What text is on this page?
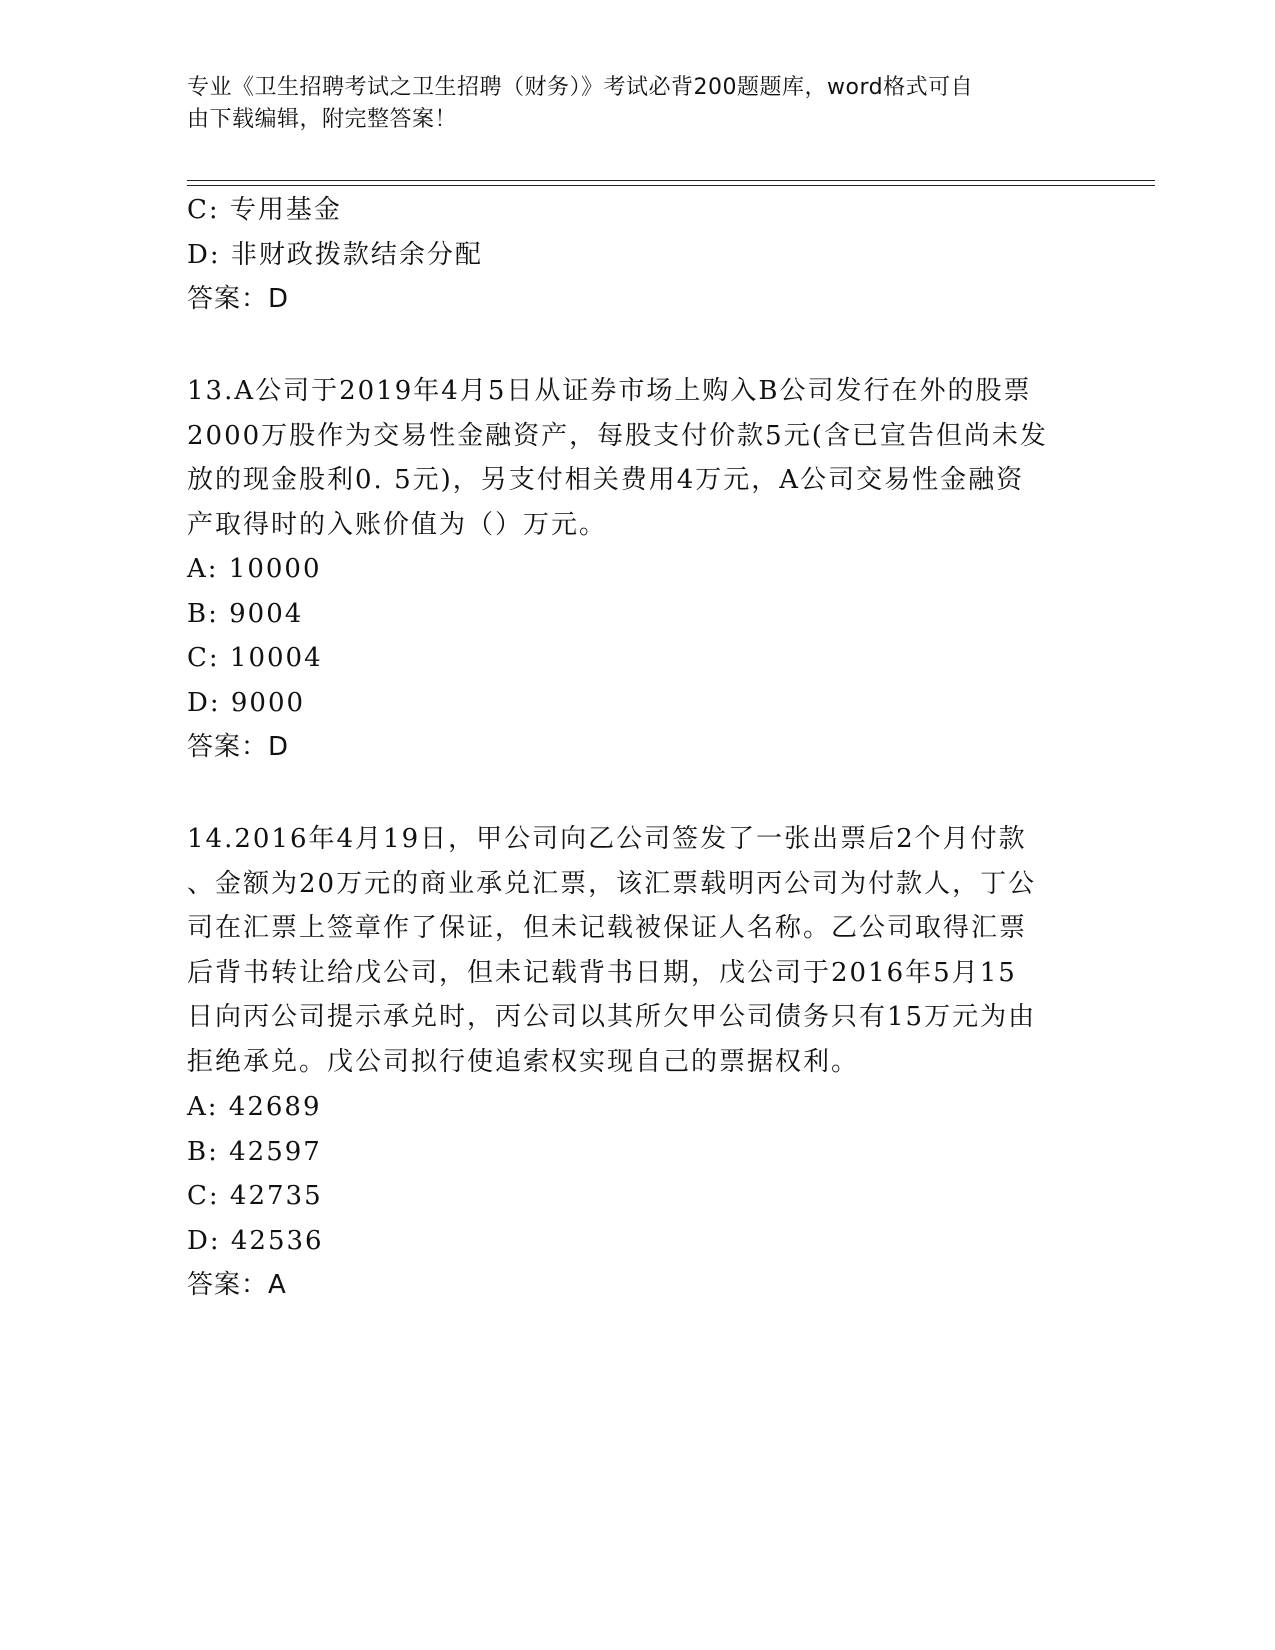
专业《卫生招聘考试之卫生招聘（财务）》考试必背200题题库，word格式可自
由下载编辑，附完整答案！
C: 专用基金
D: 非财政拨款结余分配
答案：D
13.A公司于2019年4月5日从证券市场上购入B公司发行在外的股票
2000万股作为交易性金融资产，每股支付价款5元(含已宣告但尚未发
放的现金股利0. 5元)，另支付相关费用4万元，A公司交易性金融资
产取得时的入账价值为（）万元。
A: 10000
B: 9004
C: 10004
D: 9000
答案：D
14.2016年4月19日，甲公司向乙公司签发了一张出票后2个月付款
、金额为20万元的商业承兑汇票，该汇票载明丙公司为付款人，丁公
司在汇票上签章作了保证，但未记载被保证人名称。乙公司取得汇票
后背书转让给戊公司，但未记载背书日期，戊公司于2016年5月15
日向丙公司提示承兑时，丙公司以其所欠甲公司债务只有15万元为由
拒绝承兑。戊公司拟行使追索权实现自己的票据权利。
A: 42689
B: 42597
C: 42735
D: 42536
答案：A
